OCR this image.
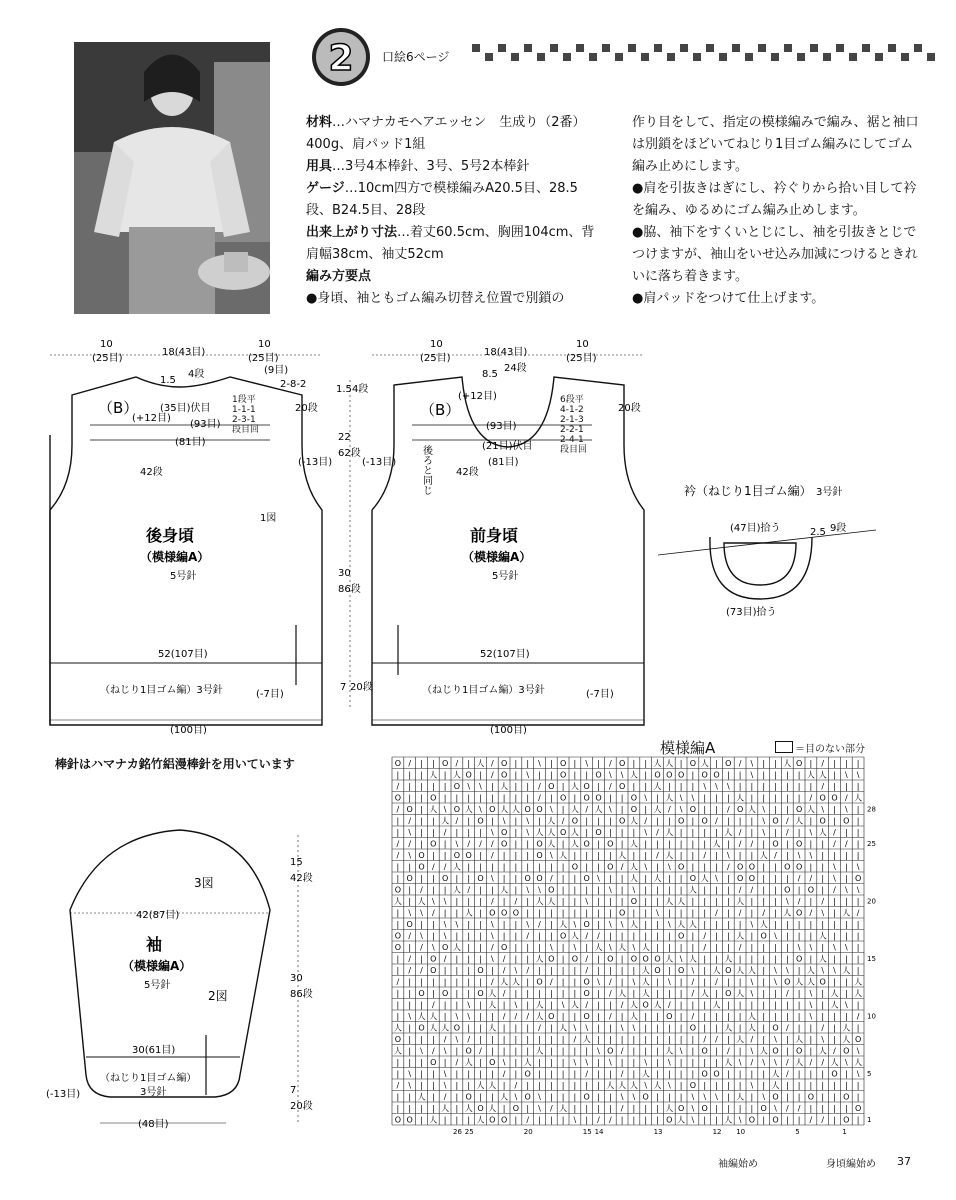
2 口絵6ページ

材料…ハマナカモヘアエッセン　生成り（2番）400g、肩パッド1組

用具…3号4本棒針、3号、5号2本棒針

ゲージ…10cm四方で模様編みA20.5目、28.5段、B24.5目、28段

出来上がり寸法…着丈60.5cm、胸囲104cm、背肩幅38cm、袖丈52cm

編み方要点

●身頃、袖ともゴム編み切替え位置で別鎖の

作り目をして、指定の模様編みで編み、裾と袖口は別鎖をほどいてねじり1目ゴム編みにしてゴム編み止めにします。

●肩を引抜きはぎにし、衿ぐりから拾い目して衿を編み、ゆるめにゴム編み止めします。

●脇、袖下をすくいとじにし、袖を引抜きとじでつけますが、袖山をいせ込み加減につけるときれいに落ち着きます。

●肩パッドをつけて仕上げます。

10
(25目)
18(43目)
10
(25目)
1.5
4段	(9目)
2-8-2
（B）
(+12目)
(35目)伏目
(93目)
(81目)
20段
(-13目)
42段
1図
後身頃
（模様編A）
5号針
52(107目)
（ねじり1目ゴム編）3号針	(-7目)
(100目)
1.5 4段
22
62段
30
86段
7 20段
10
(25目)
18(43目)
10
(25目)
8.5
24段
（B）
(+12目)
(93目)
(21目)伏目
(81目)
後ろと同じ
20段
(-13目)
42段
前身頃
（模様編A）
5号針
52(107目)
（ねじり1目ゴム編）3号針	(-7目)
(100目)
6段平
4-1-2
2-1-3
2-2-1
2-4-1
段目回
1段平
1-1-1
2-3-1
段目回
衿（ねじり1目ゴム編） 3号針
(47目)拾う	2.5 9段
(73目)拾う
棒針はハマナカ銘竹絽漫棒針を用いています
42(87目)
3図
2図
袖
（模様編A）
5号針
30(61目)
（ねじり1目ゴム編）
3号針
(-13目)
(48目)
15
42段
30
86段
7
20段
模様編A	＝目のない部分
O / | | O / | 人 / O | | \ | O | \ | / O | | 人 人 | O 人 | O / \ | | 人 O | / | | |
| | | 人 | 人 O | / O | \ | | O | | O \ \ 人 | O O O | O O | | \ | | | | 人 人 | \ \
/ | | | | O \ \ | 人 | | / O | 人 O | / O | | 人 | | | \ \ \ | | | | | | | / | | |
O | | O | | | | | | | | / | O | O O | | O \ | 人 \ \ | | | 人 | | | | | / O O / 人
/ O | 人 \ O 人 \ O 人 人 O O \ | 人 / 人 \ | O | 人 / \ O | | / O 人 \ | | O 人 \ | \ |
| / | | 人 / | O | \ | \ | 人 / O | | | O 人 / | | O | O / | | | \ O / 人 | O | O |
| \ | | / | | | \ O | \ 人 人 O 人 | O | | | \ / 人 | | | | 人 / | \ | / | \ 人 / | |
/ / | O | \ / / / O | | O 人 | 人 O | O | 人 | | | | | | 人 | / / | O | O | | / / |
/ \ O | | O O | / | | | O \ 人 | | | | 人 | | / 人 | | / | \ | | 人 / | \ \ | | | |
| | O / / 人 | | | | | | | | | O | | O / 人 \ | \ O | | | / O O | | O O | | \ | \
| O | | O | | O \ | | O O / | | O \ | | 人 | 人 | | O 人 \ | O O | | | / / | \ | O
O | / | | 人 / | | 人 | \ \ O | | | | \ | \ | | | | 人 | | | / / | | O | O | / \ \
人 | 人 \ \ | | | / | / | 人 人 | | \ | | | O | | 人 人 | | | | 人 | | | \ / | / | | |
| \ \ / | | 人 | O O O | | | | | | | | O | | \ | | | | / | / | / | 人 O / \ | 人 /
| O | | \ \ | | \ | | \ / | 人 \ O | \ \ 人 | | \ 人 人 | | | | \ 人 | | | | | | | |
O / \ | \ | | | \ | | / | | O 人 / / | | | | | | O | / | | 人 | O \ | | | 人 | | |
O | / \ O 人 | | / O | | | \ | \ | 人 \ 人 \ 人 | | | | / | | / | | | | \ \ | \ \ |
| / | O / | | | \ / | | 人 O | O / | O | O O O 人 \ 人 | | 人 | | | | | O | 人 | | |
| / / O | | | O | / \ / | | | | / | | | | 人 O | O \ | 人 O 人 人 | \ \ | 人 \ \ 人 |
/ | | | | | | | / 人 人 | O / | | O \ / | \ 人 | \ | / | / | | \ | \ O 人 人 O | | 人
| | O | O | | O 人 / | | | | | | O | / 人 | 人 | | | / 人 | O 人 \ | | / | \ | 人 | 人
| | | / | | \ | 人 | \ | 人 | \ 人 / | | / 人 O 人 / | | | 人 | | | | | | | \ | 人 \ |
| \ 人 人 | \ \ | | / / / 人 O | | O | / | 人 | | O | / | | | | 人 | | | | \ | | | /
人 | O 人 人 O | | 人 | | | / | 人 \ \ | | \ \ | | | | O | | 人 | 人 | O / | | / | 人 |
O | | | / \ / | | | | | | | | / 人 | | | | | | | | | / / | 人 / | \ | 人 | \ | 人 O
人 | \ / \ | O / | | | | 人 | | | | \ O / | | | 人 \ | O | / | \ 人 O | O | 人 / O \
| | | O | / 人 | O \ | 人 | | | \ \ | \ | | \ | \ | | | | 人 \ / \ \ / 人 / / 人 \ 人
| \ | | \ | | | | / | O | | | | / | | / | 人 | | | | O O | | | | 人 / | | | O | \
/ \ | | \ | | 人 人 | / | | | | | | | 人 人 人 \ 人 \ | O | | | | \ | 人 | | | | | | |
| | 人 | / | O | | 人 \ O \ | | | O | | \ \ O | | | \ \ \ | 人 | \ O | | O | | O |
| | | | 人 | 人 O 人 | O | \ / 人 | | | | / | | | 人 O \ O | | | | O \ / / | | | | O
O O | 人 | | | 人 O O | / | | | \ | / / | | | | O 人 \ | | 人 \ O | O | | / / | O |
28
25
20
15
10
5
1
26 25	20	15 14	13	12 10	5	1
袖編始め	身頃編始め 37
